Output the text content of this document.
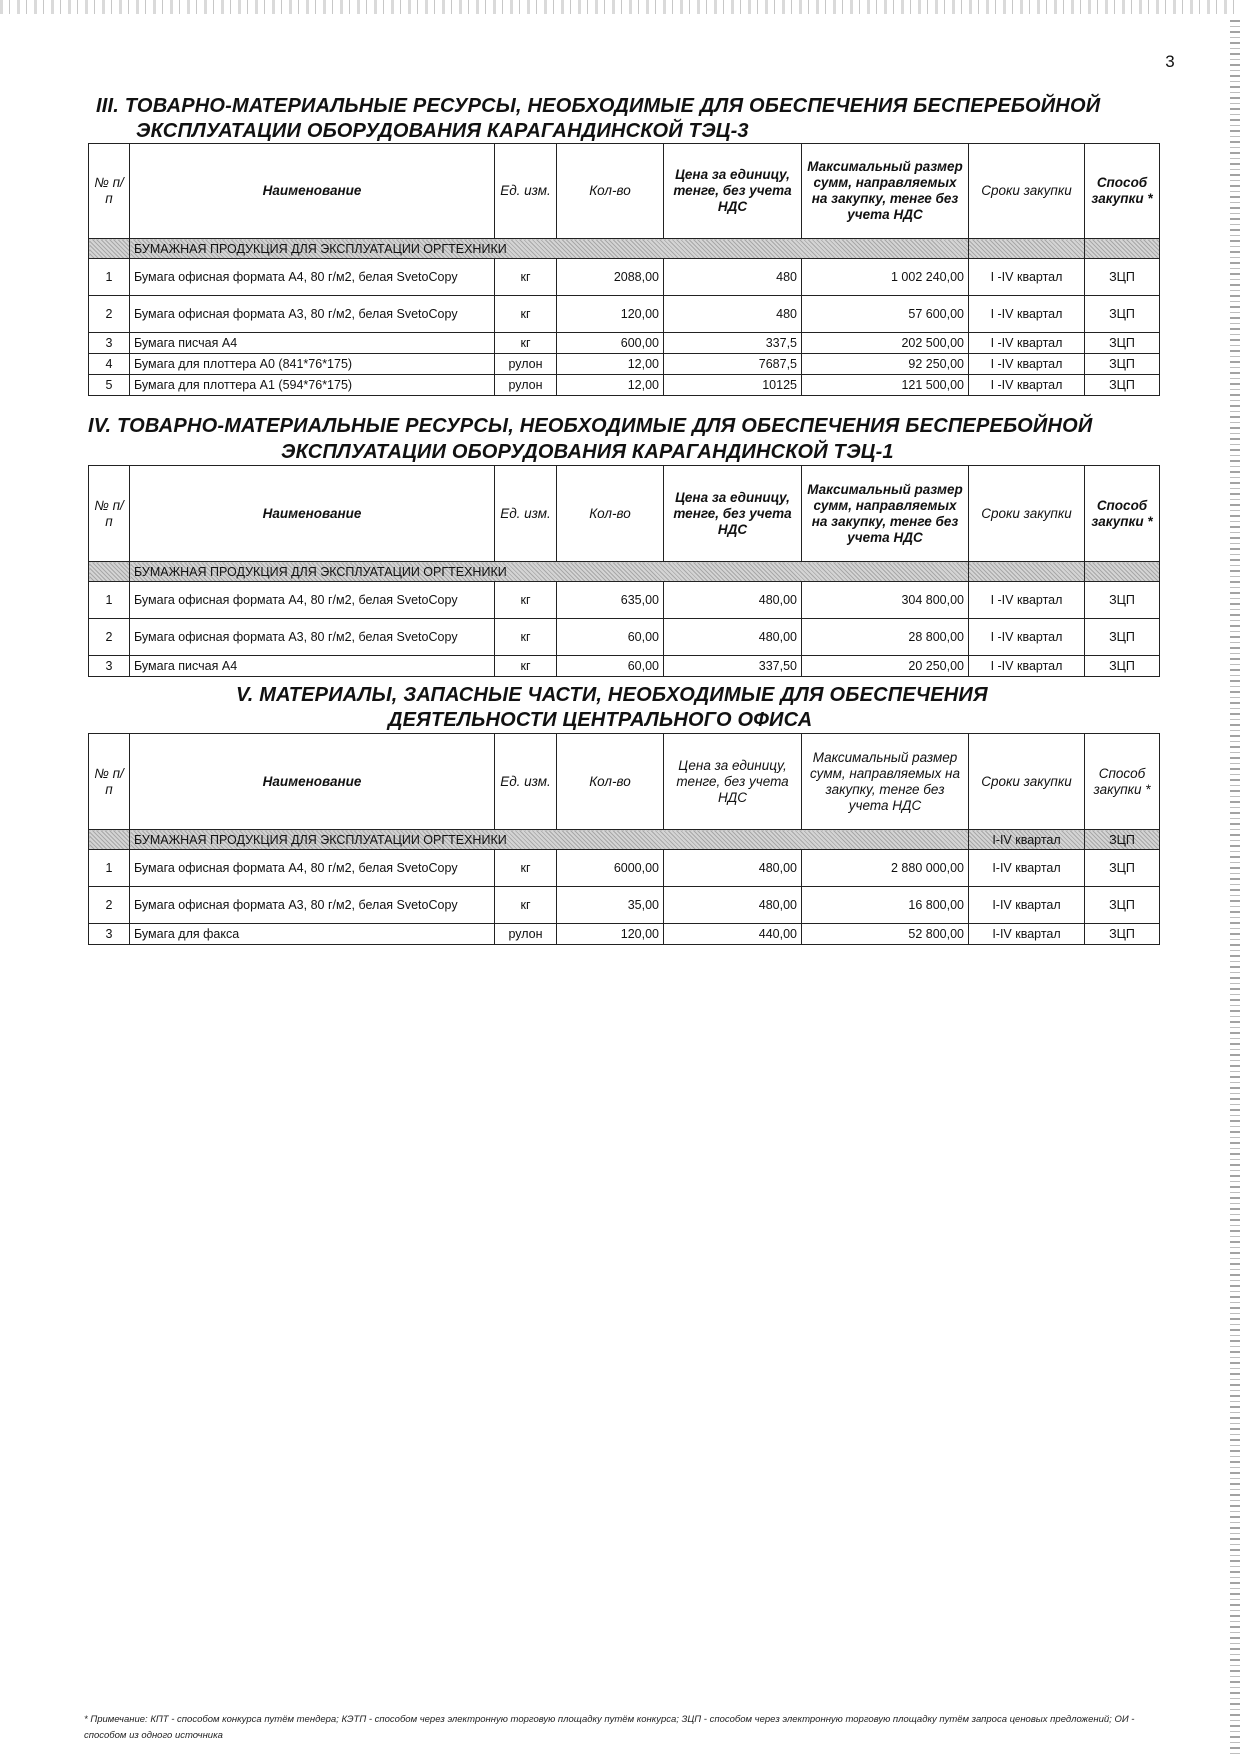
3
III. ТОВАРНО-МАТЕРИАЛЬНЫЕ РЕСУРСЫ, НЕОБХОДИМЫЕ ДЛЯ ОБЕСПЕЧЕНИЯ БЕСПЕРЕБОЙНОЙ
ЭКСПЛУАТАЦИИ ОБОРУДОВАНИЯ КАРАГАНДИНСКОЙ ТЭЦ-3
№ п/п	Наименование	Ед. изм.	Кол-во	Цена за единицу, тенге, без учета НДС	Максимальный размер сумм, направляемых на закупку, тенге без учета НДС	Сроки закупки	Способ закупки *
	БУМАЖНАЯ ПРОДУКЦИЯ ДЛЯ ЭКСПЛУАТАЦИИ ОРГТЕХНИКИ						
1	Бумага офисная формата А4, 80 г/м2, белая SvetoCopy	кг	2088,00	480	1 002 240,00	I -IV квартал	ЗЦП
2	Бумага офисная формата А3, 80 г/м2, белая SvetoCopy	кг	120,00	480	57 600,00	I -IV квартал	ЗЦП
3	Бумага писчая А4	кг	600,00	337,5	202 500,00	I -IV квартал	ЗЦП
4	Бумага для плоттера А0 (841*76*175)	рулон	12,00	7687,5	92 250,00	I -IV квартал	ЗЦП
5	Бумага для плоттера А1 (594*76*175)	рулон	12,00	10125	121 500,00	I -IV квартал	ЗЦП
IV. ТОВАРНО-МАТЕРИАЛЬНЫЕ РЕСУРСЫ, НЕОБХОДИМЫЕ ДЛЯ ОБЕСПЕЧЕНИЯ БЕСПЕРЕБОЙНОЙ
ЭКСПЛУАТАЦИИ ОБОРУДОВАНИЯ КАРАГАНДИНСКОЙ ТЭЦ-1
№ п/п	Наименование	Ед. изм.	Кол-во	Цена за единицу, тенге, без учета НДС	Максимальный размер сумм, направляемых на закупку, тенге без учета НДС	Сроки закупки	Способ закупки *
	БУМАЖНАЯ ПРОДУКЦИЯ ДЛЯ ЭКСПЛУАТАЦИИ ОРГТЕХНИКИ						
1	Бумага офисная формата А4, 80 г/м2, белая SvetoCopy	кг	635,00	480,00	304 800,00	I -IV квартал	ЗЦП
2	Бумага офисная формата А3, 80 г/м2, белая SvetoCopy	кг	60,00	480,00	28 800,00	I -IV квартал	ЗЦП
3	Бумага писчая А4	кг	60,00	337,50	20 250,00	I -IV квартал	ЗЦП
V. МАТЕРИАЛЫ, ЗАПАСНЫЕ ЧАСТИ, НЕОБХОДИМЫЕ ДЛЯ ОБЕСПЕЧЕНИЯ
ДЕЯТЕЛЬНОСТИ ЦЕНТРАЛЬНОГО ОФИСА
№ п/п	Наименование	Ед. изм.	Кол-во	Цена за единицу, тенге, без учета НДС	Максимальный размер сумм, направляемых на закупку, тенге без учета НДС	Сроки закупки	Способ закупки *
	БУМАЖНАЯ ПРОДУКЦИЯ ДЛЯ ЭКСПЛУАТАЦИИ ОРГТЕХНИКИ					I-IV квартал	ЗЦП
1	Бумага офисная формата А4, 80 г/м2, белая SvetoCopy	кг	6000,00	480,00	2 880 000,00	I-IV квартал	ЗЦП
2	Бумага офисная формата А3, 80 г/м2, белая SvetoCopy	кг	35,00	480,00	16 800,00	I-IV квартал	ЗЦП
3	Бумага для факса	рулон	120,00	440,00	52 800,00	I-IV квартал	ЗЦП
* Примечание: КПТ - способом конкурса путём тендера; КЭТП - способом через электронную торговую площадку путём конкурса; ЗЦП - способом через электронную торговую площадку путём запроса ценовых предложений; ОИ - способом из одного источника
